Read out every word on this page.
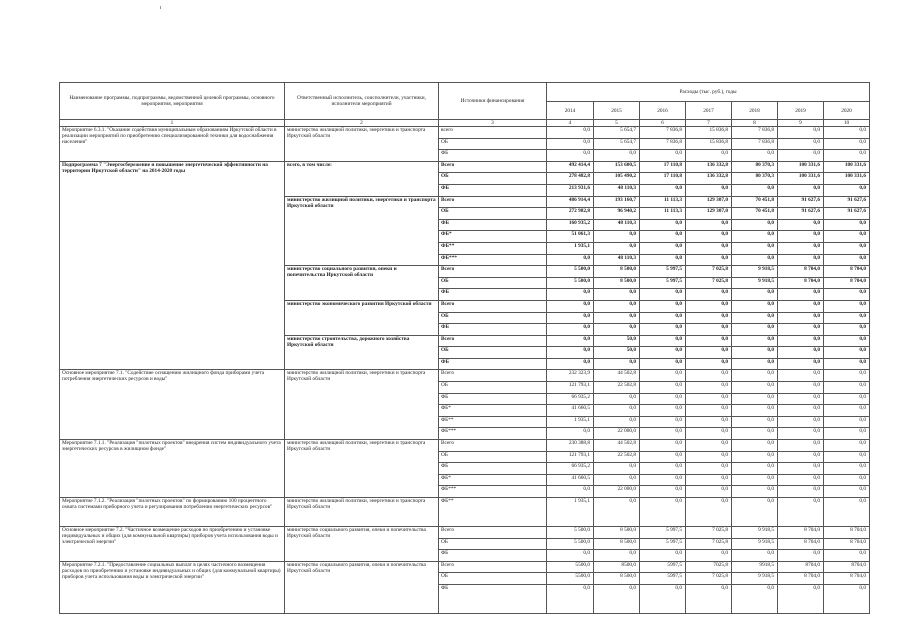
Наименование программы, подпрограммы, ведомственной целевой программы, основного мероприятия, мероприятия	Ответственный исполнитель, соисполнители, участники, исполнители мероприятий	Источники финансирования	Расходы (тыс. руб.), годы						
			2014	2015	2016	2017	2018	2019	2020
1	2	3	4	5	6	7	8	9	10
Мероприятие 6.3.1. "Оказание содействия муниципальным образованиям Иркутской области в реализации мероприятий по приобретению специализированной техники для водоснабжения населения"	министерство жилищной политики, энергетики и транспорта Иркутской области	всего	0,0	5 654,7	7 836,8	15 836,8	7 836,8	0,0	0,0
		ОБ	0,0	5 654,7	7 836,8	15 836,8	7 836,8	0,0	0,0
		ФБ	0,0	0,0	0,0	0,0	0,0	0,0	0,0
Подпрограмма 7 "Энергосбережение и повышение энергетической эффективности на территории Иркутской области" на 2014-2020 годы	всего, в том числе:	Всего	492 414,4	153 600,5	17 110,8	136 332,8	80 370,3	100 331,6	100 331,6
		ОБ	278 482,8	105 490,2	17 110,8	136 332,8	80 370,3	100 331,6	100 331,6
		ФБ	213 931,6	48 110,3	0,0	0,0	0,0	0,0	0,0
	министерство жилищной политики, энергетики и транспорта Иркутской области	Всего	486 914,4	193 160,7	11 113,3	129 307,0	70 451,8	91 627,6	91 627,6
		ОБ	272 982,8	96 940,2	11 113,3	129 307,0	70 451,8	91 627,6	91 627,6
		ФБ	160 935,2	48 110,3	0,0	0,0	0,0	0,0	0,0
		ФБ*	51 061,3	0,0	0,0	0,0	0,0	0,0	0,0
		ФБ**	1 935,1	0,0	0,0	0,0	0,0	0,0	0,0
		ФБ***	0,0	48 110,3	0,0	0,0	0,0	0,0	0,0
	министерство социального развития, опеки и попечительства Иркутской области	Всего	5 500,0	8 500,0	5 997,5	7 025,8	9 918,5	8 704,0	8 704,0
		ОБ	5 500,0	8 500,0	5 997,5	7 025,8	9 918,5	8 704,0	8 704,0
		ФБ	0,0	0,0	0,0	0,0	0,0	0,0	0,0
	министерство экономического развития Иркутской области	Всего	0,0	0,0	0,0	0,0	0,0	0,0	0,0
		ОБ	0,0	0,0	0,0	0,0	0,0	0,0	0,0
		ФБ	0,0	0,0	0,0	0,0	0,0	0,0	0,0
	министерство строительства, дорожного хозяйства Иркутской области	Всего	0,0	50,0	0,0	0,0	0,0	0,0	0,0
		ОБ	0,0	50,0	0,0	0,0	0,0	0,0	0,0
		ФБ	0,0	0,0	0,0	0,0	0,0	0,0	0,0
Основное мероприятие 7.1. "Содействие оснащению жилищного фонда приборами учета потребления энергетических ресурсов и воды"	министерство жилищной политики, энергетики и транспорта Иркутской области	Всего	232 323,9	44 502,8	0,0	0,0	0,0	0,0	0,0
		ОБ	121 793,1	22 502,8	0,0	0,0	0,0	0,0	0,0
		ФБ	66 935,2	0,0	0,0	0,0	0,0	0,0	0,0
		ФБ*	41 660,5	0,0	0,0	0,0	0,0	0,0	0,0
		ФБ**	1 935,1	0,0	0,0	0,0	0,0	0,0	0,0
		ФБ***	0,0	22 000,0	0,0	0,0	0,0	0,0	0,0
Мероприятие 7.1.1. "Реализация "пилотных проектов" внедрения систем индивидуального учета энергетических ресурсов в жилищном фонде"	министерство жилищной политики, энергетики и транспорта Иркутской области	Всего	230 388,8	44 502,8	0,0	0,0	0,0	0,0	0,0
		ОБ	121 793,1	22 502,8	0,0	0,0	0,0	0,0	0,0
		ФБ	66 935,2	0,0	0,0	0,0	0,0	0,0	0,0
		ФБ*	41 660,5	0,0	0,0	0,0	0,0	0,0	0,0
		ФБ***	0,0	22 000,0	0,0	0,0	0,0	0,0	0,0
Мероприятие 7.1.2. "Реализация "пилотных проектов" по формированию 100 процентного охвата системами приборного учета и регулирования потребления энергетических ресурсов"	министерство жилищной политики, энергетики и транспорта Иркутской области	ФБ**	1 935,1	0,0	0,0	0,0	0,0	0,0	0,0
Основное мероприятие 7.2. "Частичное возмещение расходов по приобретению и установке индивидуальных и общих (для коммунальной квартиры) приборов учета использования воды и электрической энергии"	министерство социального развития, опеки и попечительства Иркутской области	Всего	5 500,0	8 500,0	5 997,5	7 025,8	9 918,5	8 704,0	8 704,0
		ОБ	5 500,0	8 500,0	5 997,5	7 025,8	9 918,5	8 704,0	8 704,0
		ФБ	0,0	0,0	0,0	0,0	0,0	0,0	0,0
Мероприятие 7.2.1. "Предоставление социальных выплат в целях частичного возмещения расходов по приобретению и установке индивидуальных и общих (для коммунальной квартиры) приборов учета использования воды и электрической энергии"	министерство социального развития, опеки и попечительства Иркутской области	Всего	5500,0	8500,0	5997,5	7025,8	9918,5	8704,0	8704,0
		ОБ	5500,0	8 500,0	5997,5	7 025,8	9 918,5	8 704,0	8 704,0
		ФБ	0,0	0,0	0,0	0,0	0,0	0,0	0,0
